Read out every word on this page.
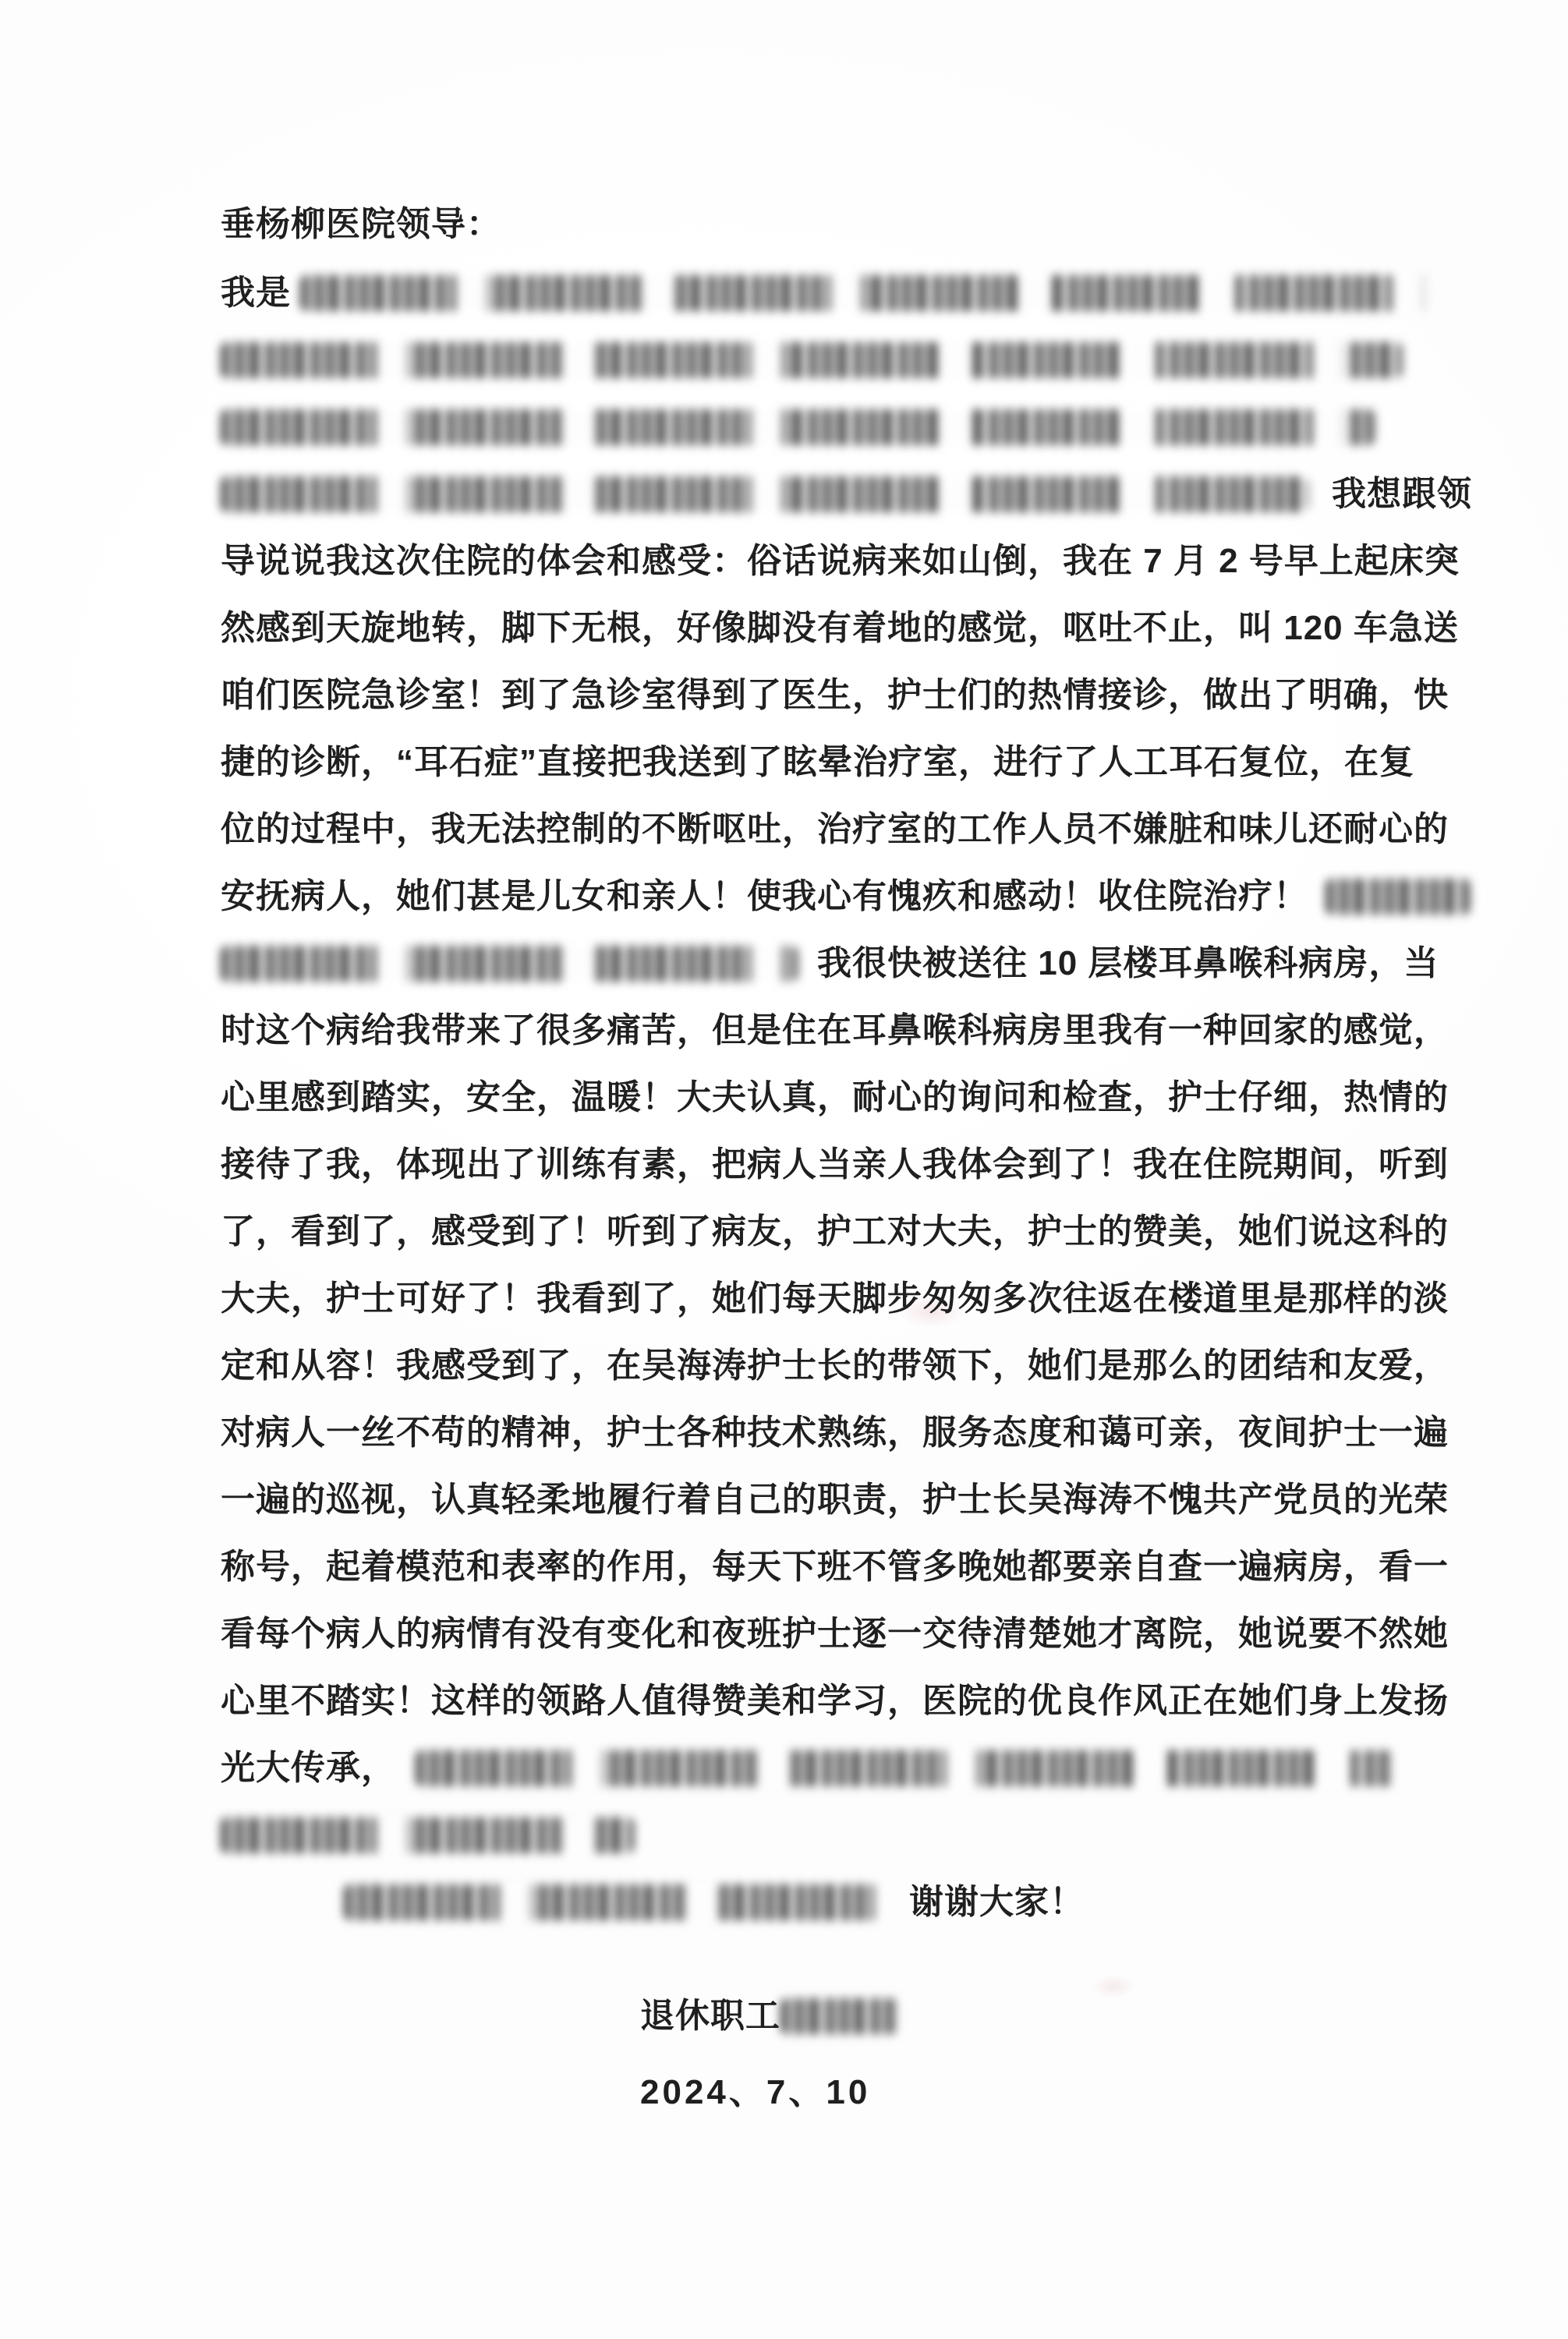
垂杨柳医院领导：
我是
我想跟领
导说说我这次住院的体会和感受：俗话说病来如山倒，我在 7 月 2 号早上起床突
然感到天旋地转，脚下无根，好像脚没有着地的感觉，呕吐不止，叫 120 车急送
咱们医院急诊室！到了急诊室得到了医生，护士们的热情接诊，做出了明确，快
捷的诊断，“耳石症”直接把我送到了眩晕治疗室，进行了人工耳石复位，在复
位的过程中，我无法控制的不断呕吐，治疗室的工作人员不嫌脏和味儿还耐心的
安抚病人，她们甚是儿女和亲人！使我心有愧疚和感动！收住院治疗！
我很快被送往 10 层楼耳鼻喉科病房，当
时这个病给我带来了很多痛苦，但是住在耳鼻喉科病房里我有一种回家的感觉，
心里感到踏实，安全，温暖！大夫认真，耐心的询问和检查，护士仔细，热情的
接待了我，体现出了训练有素，把病人当亲人我体会到了！我在住院期间，听到
了，看到了，感受到了！听到了病友，护工对大夫，护士的赞美，她们说这科的
大夫，护士可好了！我看到了，她们每天脚步匆匆多次往返在楼道里是那样的淡
定和从容！我感受到了，在吴海涛护士长的带领下，她们是那么的团结和友爱，
对病人一丝不苟的精神，护士各种技术熟练，服务态度和蔼可亲，夜间护士一遍
一遍的巡视，认真轻柔地履行着自己的职责，护士长吴海涛不愧共产党员的光荣
称号，起着模范和表率的作用，每天下班不管多晚她都要亲自查一遍病房，看一
看每个病人的病情有没有变化和夜班护士逐一交待清楚她才离院，她说要不然她
心里不踏实！这样的领路人值得赞美和学习，医院的优良作风正在她们身上发扬
光大传承，
谢谢大家！
退休职工
2024、7、10
